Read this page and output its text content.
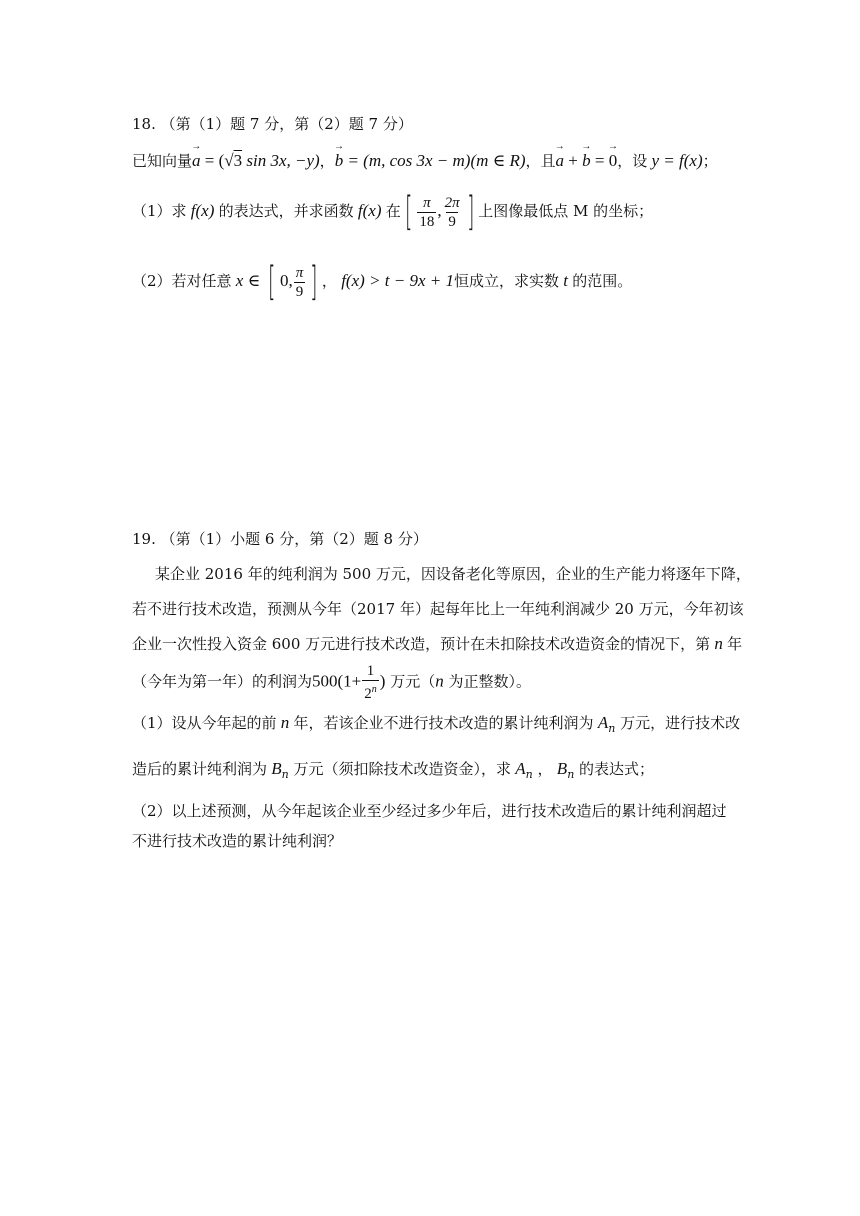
18. （第（1）题 7 分，第（2）题 7 分）
已知向量→ a = (√3 sin 3x, −y)，→ b = (m, cos 3x − m)(m ∈ R)，且→ a + → b = → 0，设 y = f(x)；
（1）求 f(x) 的表达式，并求函数 f(x) 在 [ $\frac{\pi}{18}$ , $\frac{2\pi}{9}$ ] 上图像最低点 M 的坐标；
（2）若对任意 x ∈ [ 0, $\frac{\pi}{9}$ ] ， f(x) > t − 9x + 1恒成立，求实数 t 的范围。
19. （第（1）小题 6 分，第（2）题 8 分）
某企业 2016 年的纯利润为 500 万元，因设备老化等原因，企业的生产能力将逐年下降，
若不进行技术改造，预测从今年（2017 年）起每年比上一年纯利润减少 20 万元，今年初该
企业一次性投入资金 600 万元进行技术改造，预计在未扣除技术改造资金的情况下，第 n 年
（今年为第一年）的利润为$500(1+ \frac{1}{2^n}$ ) 万元（n 为正整数）。
（1）设从今年起的前 n 年，若该企业不进行技术改造的累计纯利润为 $A_n$ 万元，进行技术改
造后的累计纯利润为 $B_n$ 万元（须扣除技术改造资金），求 $A_n$ ， $B_n$ 的表达式；
（2）以上述预测，从今年起该企业至少经过多少年后，进行技术改造后的累计纯利润超过
不进行技术改造的累计纯利润？
